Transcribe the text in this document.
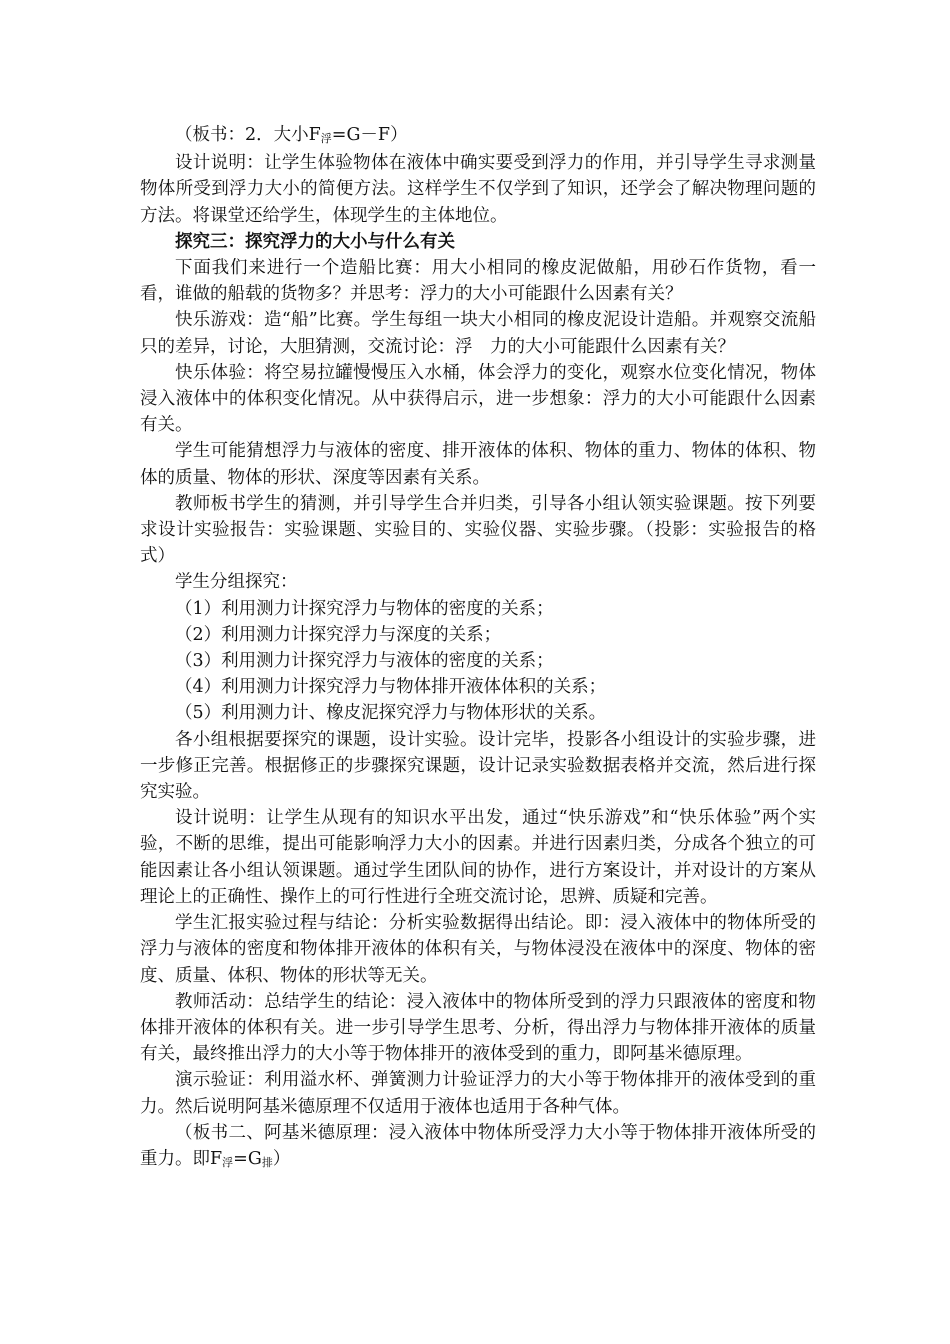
（板书：2．大小F浮=G－F）

设计说明：让学生体验物体在液体中确实要受到浮力的作用，并引导学生寻求测量物体所受到浮力大小的简便方法。这样学生不仅学到了知识，还学会了解决物理问题的方法。将课堂还给学生，体现学生的主体地位。

探究三：探究浮力的大小与什么有关

下面我们来进行一个造船比赛：用大小相同的橡皮泥做船，用砂石作货物，看一看，谁做的船载的货物多？并思考：浮力的大小可能跟什么因素有关？

快乐游戏：造“船”比赛。学生每组一块大小相同的橡皮泥设计造船。并观察交流船只的差异，讨论，大胆猜测，交流讨论：浮　力的大小可能跟什么因素有关？

快乐体验：将空易拉罐慢慢压入水桶，体会浮力的变化，观察水位变化情况，物体浸入液体中的体积变化情况。从中获得启示，进一步想象：浮力的大小可能跟什么因素有关。

学生可能猜想浮力与液体的密度、排开液体的体积、物体的重力、物体的体积、物体的质量、物体的形状、深度等因素有关系。

教师板书学生的猜测，并引导学生合并归类，引导各小组认领实验课题。按下列要求设计实验报告：实验课题、实验目的、实验仪器、实验步骤。（投影：实验报告的格式）

学生分组探究：

（1）利用测力计探究浮力与物体的密度的关系；

（2）利用测力计探究浮力与深度的关系；

（3）利用测力计探究浮力与液体的密度的关系；

（4）利用测力计探究浮力与物体排开液体体积的关系；

（5）利用测力计、橡皮泥探究浮力与物体形状的关系。

各小组根据要探究的课题，设计实验。设计完毕，投影各小组设计的实验步骤，进一步修正完善。根据修正的步骤探究课题，设计记录实验数据表格并交流，然后进行探究实验。

设计说明：让学生从现有的知识水平出发，通过“快乐游戏”和“快乐体验”两个实验，不断的思维，提出可能影响浮力大小的因素。并进行因素归类，分成各个独立的可能因素让各小组认领课题。通过学生团队间的协作，进行方案设计，并对设计的方案从理论上的正确性、操作上的可行性进行全班交流讨论，思辨、质疑和完善。

学生汇报实验过程与结论：分析实验数据得出结论。即：浸入液体中的物体所受的浮力与液体的密度和物体排开液体的体积有关，与物体浸没在液体中的深度、物体的密度、质量、体积、物体的形状等无关。

教师活动：总结学生的结论：浸入液体中的物体所受到的浮力只跟液体的密度和物体排开液体的体积有关。进一步引导学生思考、分析，得出浮力与物体排开液体的质量有关，最终推出浮力的大小等于物体排开的液体受到的重力，即阿基米德原理。

演示验证：利用溢水杯、弹簧测力计验证浮力的大小等于物体排开的液体受到的重力。然后说明阿基米德原理不仅适用于液体也适用于各种气体。

（板书二、阿基米德原理：浸入液体中物体所受浮力大小等于物体排开液体所受的重力。即F浮=G排）
